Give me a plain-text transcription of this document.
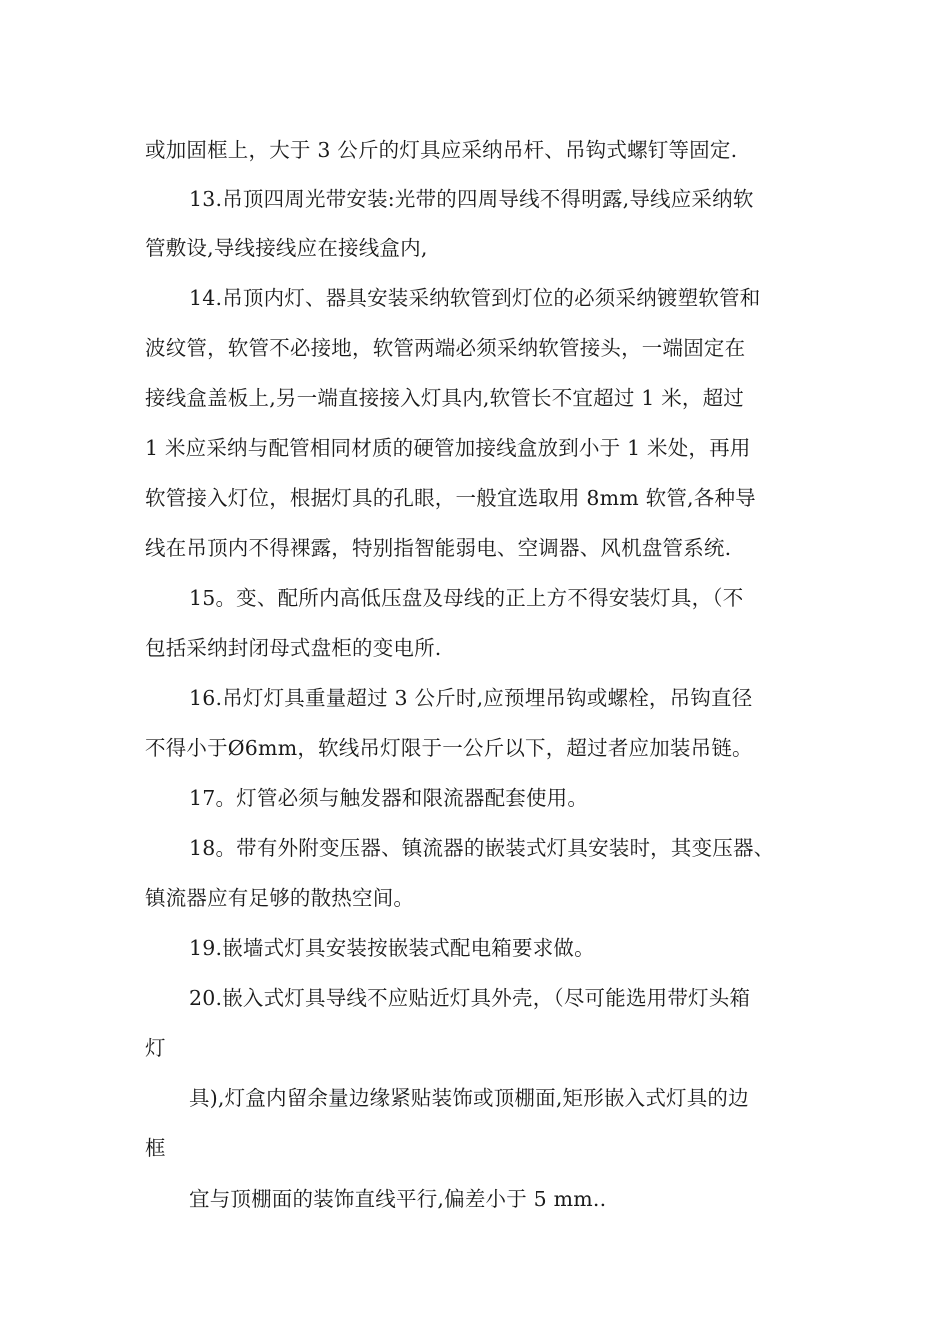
或加固框上，大于 3 公斤的灯具应采纳吊杆、吊钩式螺钉等固定.
13.吊顶四周光带安装:光带的四周导线不得明露,导线应采纳软
管敷设,导线接线应在接线盒内,
14.吊顶内灯、器具安装采纳软管到灯位的必须采纳镀塑软管和
波纹管，软管不必接地，软管两端必须采纳软管接头，一端固定在
接线盒盖板上,另一端直接接入灯具内,软管长不宜超过 1 米，超过
1 米应采纳与配管相同材质的硬管加接线盒放到小于 1 米处，再用
软管接入灯位，根据灯具的孔眼，一般宜选取用 8mm 软管,各种导
线在吊顶内不得裸露，特别指智能弱电、空调器、风机盘管系统.
15。变、配所内高低压盘及母线的正上方不得安装灯具，（不
包括采纳封闭母式盘柜的变电所.
16.吊灯灯具重量超过 3 公斤时,应预埋吊钩或螺栓，吊钩直径
不得小于Ø6mm，软线吊灯限于一公斤以下，超过者应加装吊链。
17。灯管必须与触发器和限流器配套使用。
18。带有外附变压器、镇流器的嵌装式灯具安装时，其变压器、
镇流器应有足够的散热空间。
19.嵌墙式灯具安装按嵌装式配电箱要求做。
20.嵌入式灯具导线不应贴近灯具外壳，（尽可能选用带灯头箱
灯
具),灯盒内留余量边缘紧贴装饰或顶棚面,矩形嵌入式灯具的边
框
宜与顶棚面的装饰直线平行,偏差小于 5 mm..
